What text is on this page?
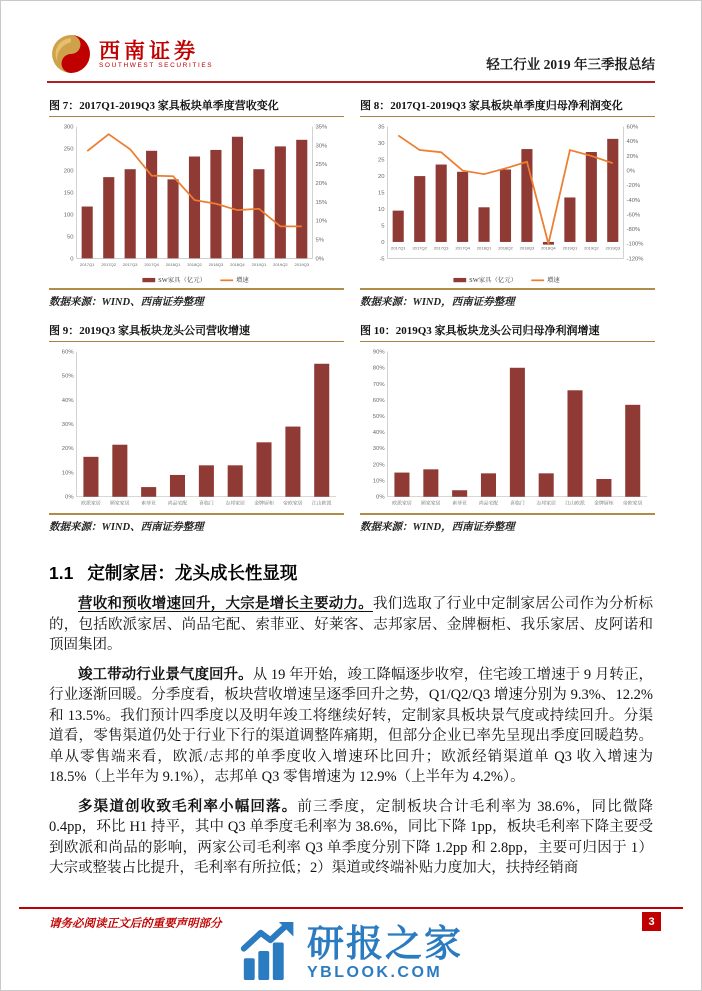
西南证券
SOUTHWEST SECURITIES	轻工行业 2019 年三季报总结
图 7：2017Q1-2019Q3 家具板块单季度营收变化
0
50
100
150
200
250
300
0%
5%
10%
15%
20%
25%
30%
35%
2017Q1 2017Q2 2017Q3 2017Q4 2018Q1 2018Q2 2018Q3 2018Q4 2019Q1 2019Q2 2019Q3
SW家具（亿元）	增速
数据来源：WIND、西南证券整理
图 8：2017Q1-2019Q3 家具板块单季度归母净利润变化
-5
0
5
10
15
20
25
30
35
-120%
-100%
-80%
-60%
-40%
-20%
0%
20%
40%
60%
2017Q1 2017Q2 2017Q3 2017Q4 2018Q1 2018Q2 2018Q3 2018Q4 2019Q1 2019Q2 2019Q3
SW家具（亿元）	增速
数据来源：WIND，西南证券整理
图 9：2019Q3 家具板块龙头公司营收增速
0%
10%
20%
30%
40%
50%
60%
欧派家居 顾家家居 索菲亚 尚品宅配 喜临门 志邦家居 金牌厨柜 帝欧家居 江山欧派
数据来源：WIND、西南证券整理
图 10：2019Q3 家具板块龙头公司归母净利润增速
0%
10%
20%
30%
40%
50%
60%
70%
80%
90%
欧派家居 顾家家居 索菲亚 尚品宅配 喜临门 志邦家居 江山欧派 金牌厨柜 帝欧家居
数据来源：WIND，西南证券整理
1.1 定制家居：龙头成长性显现

营收和预收增速回升，大宗是增长主要动力。我们选取了行业中定制家居公司作为分析标的，包括欧派家居、尚品宅配、索菲亚、好莱客、志邦家居、金牌橱柜、我乐家居、皮阿诺和顶固集团。

竣工带动行业景气度回升。从 19 年开始，竣工降幅逐步收窄，住宅竣工增速于 9 月转正，行业逐渐回暖。分季度看，板块营收增速呈逐季回升之势，Q1/Q2/Q3 增速分别为 9.3%、12.2%和 13.5%。我们预计四季度以及明年竣工将继续好转，定制家具板块景气度或持续回升。分渠道看，零售渠道仍处于行业下行的渠道调整阵痛期，但部分企业已率先呈现出季度回暖趋势。单从零售端来看，欧派/志邦的单季度收入增速环比回升；欧派经销渠道单 Q3 收入增速为 18.5%（上半年为 9.1%），志邦单 Q3 零售增速为 12.9%（上半年为 4.2%）。

多渠道创收致毛利率小幅回落。前三季度，定制板块合计毛利率为 38.6%，同比微降 0.4pp，环比 H1 持平，其中 Q3 单季度毛利率为 38.6%，同比下降 1pp，板块毛利率下降主要受到欧派和尚品的影响，两家公司毛利率 Q3 单季度分别下降 1.2pp 和 2.8pp，主要可归因于 1）大宗或整装占比提升，毛利率有所拉低；2）渠道或终端补贴力度加大，扶持经销商

请务必阅读正文后的重要声明部分	3
研报之家
YBLOOK.COM
